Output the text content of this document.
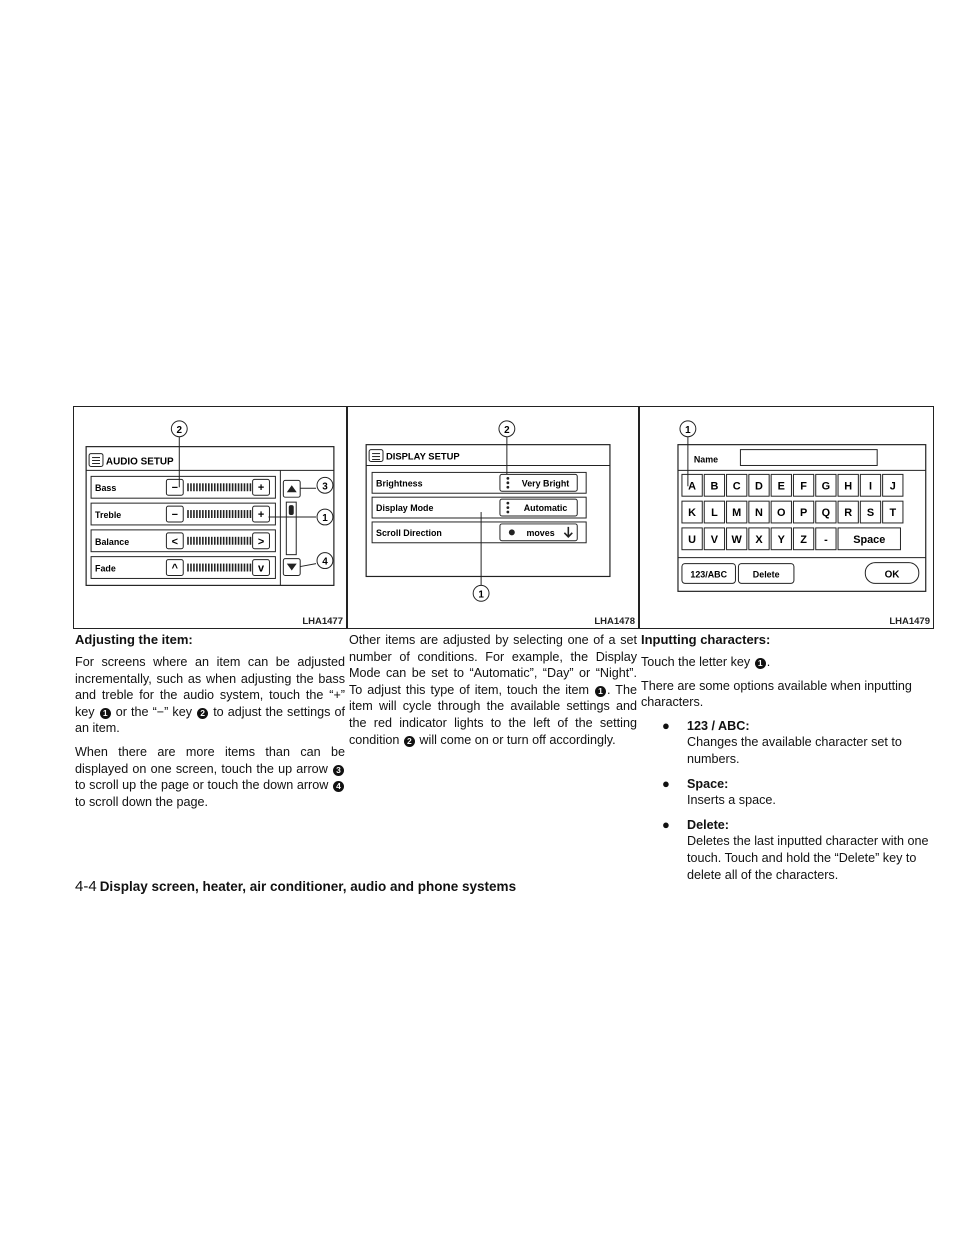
AUDIO SETUP
Bass	−	+
Treble	−	+
Balance	<	>
Fade	^	v
2
3
1
4
LHA1477
DISPLAY SETUP
Brightness	Very Bright
Display Mode	Automatic
Scroll Direction	moves
2
1
LHA1478
Name
A B C D E F G H I J
K L M N O P Q R S T
U V W X Y Z - Space
123/ABC	Delete	OK
1
LHA1479
Adjusting the item:

For screens where an item can be adjusted incrementally, such as when adjusting the bass and treble for the audio system, touch the “+” key 1 or the “−” key 2 to adjust the settings of an item.

When there are more items than can be displayed on one screen, touch the up arrow 3 to scroll up the page or touch the down arrow 4 to scroll down the page.

Other items are adjusted by selecting one of a set number of conditions. For example, the Display Mode can be set to “Automatic”, “Day” or “Night”. To adjust this type of item, touch the item 1 . The item will cycle through the available settings and the red indicator lights to the left of the setting condition 2 will come on or turn off accordingly.

Inputting characters:

Touch the letter key 1 .

There are some options available when inputting characters.

● 123 / ABC:
Changes the available character set to numbers.
● Space:
Inserts a space.
● Delete:
Deletes the last inputted character with one touch. Touch and hold the “Delete” key to delete all of the characters.
4-4 Display screen, heater, air conditioner, audio and phone systems
